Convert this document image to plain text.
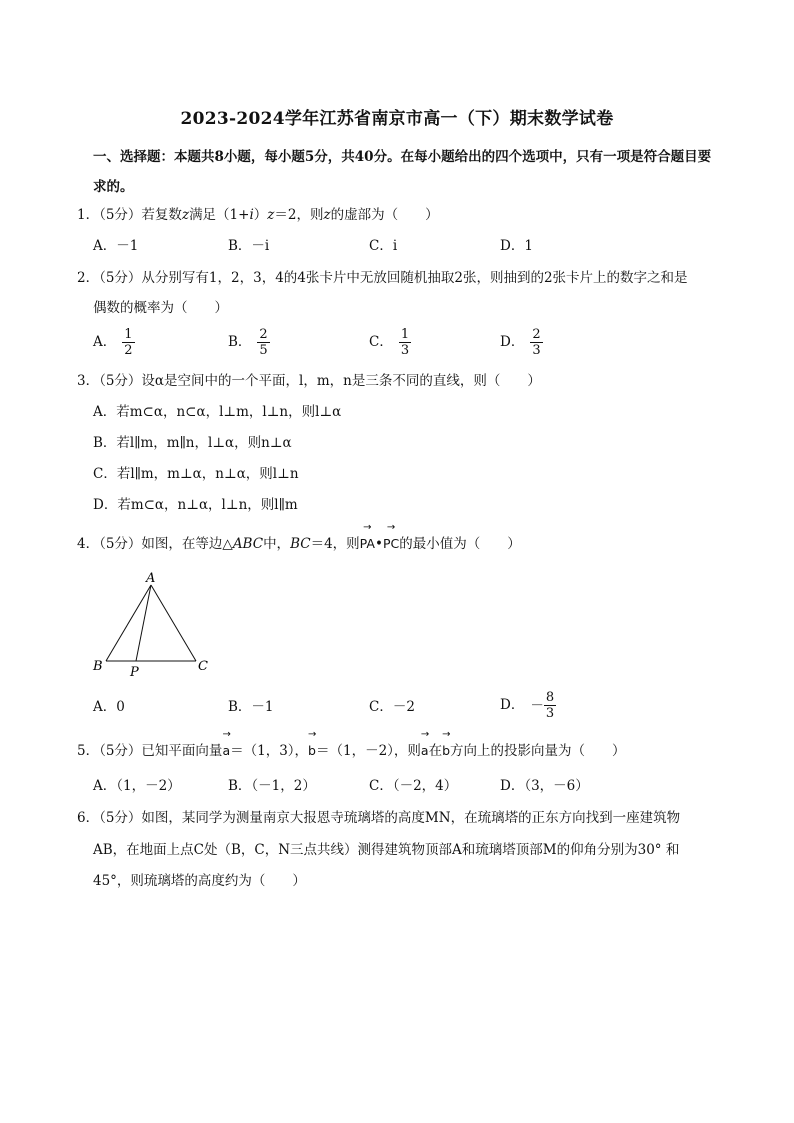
2023-2024学年江苏省南京市高一（下）期末数学试卷
一、选择题：本题共8小题，每小题5分，共40分。在每小题给出的四个选项中，只有一项是符合题目要求的。
1．（5分）若复数z满足（1+i）z＝2，则z的虚部为（　　）
A．－1	B．－i	C．i	D．1
2．（5分）从分别写有1，2，3，4的4张卡片中无放回随机抽取2张，则抽到的2张卡片上的数字之和是
偶数的概率为（　　）
A． $\frac{1}{2}$	B． $\frac{2}{5}$	C． $\frac{1}{3}$	D． $\frac{2}{3}$
3．（5分）设α是空间中的一个平面，l，m，n是三条不同的直线，则（　　）
A．若m⊂α，n⊂α，l⊥m，l⊥n，则l⊥α
B．若l∥m，m∥n，l⊥α，则n⊥α
C．若l∥m，m⊥α，n⊥α，则l⊥n
D．若m⊂α，n⊥α，l⊥n，则l∥m
4．（5分）如图，在等边△ABC中，BC＝4，则→ PA•→ PC的最小值为（　　）
A
B	C
P
A．0	B．－1	C．－2	D． － $\frac{8}{3}$
5．（5分）已知平面向量→ a＝（1，3），→ b＝（1，－2），则→ a在→ b方向上的投影向量为（　　）
A．（1，－2）	B．（－1，2）	C．（－2，4）	D．（3，－6）
6．（5分）如图，某同学为测量南京大报恩寺琉璃塔的高度MN，在琉璃塔的正东方向找到一座建筑物
AB，在地面上点C处（B，C，N三点共线）测得建筑物顶部A和琉璃塔顶部M的仰角分别为30° 和
45°，则琉璃塔的高度约为（　　）
